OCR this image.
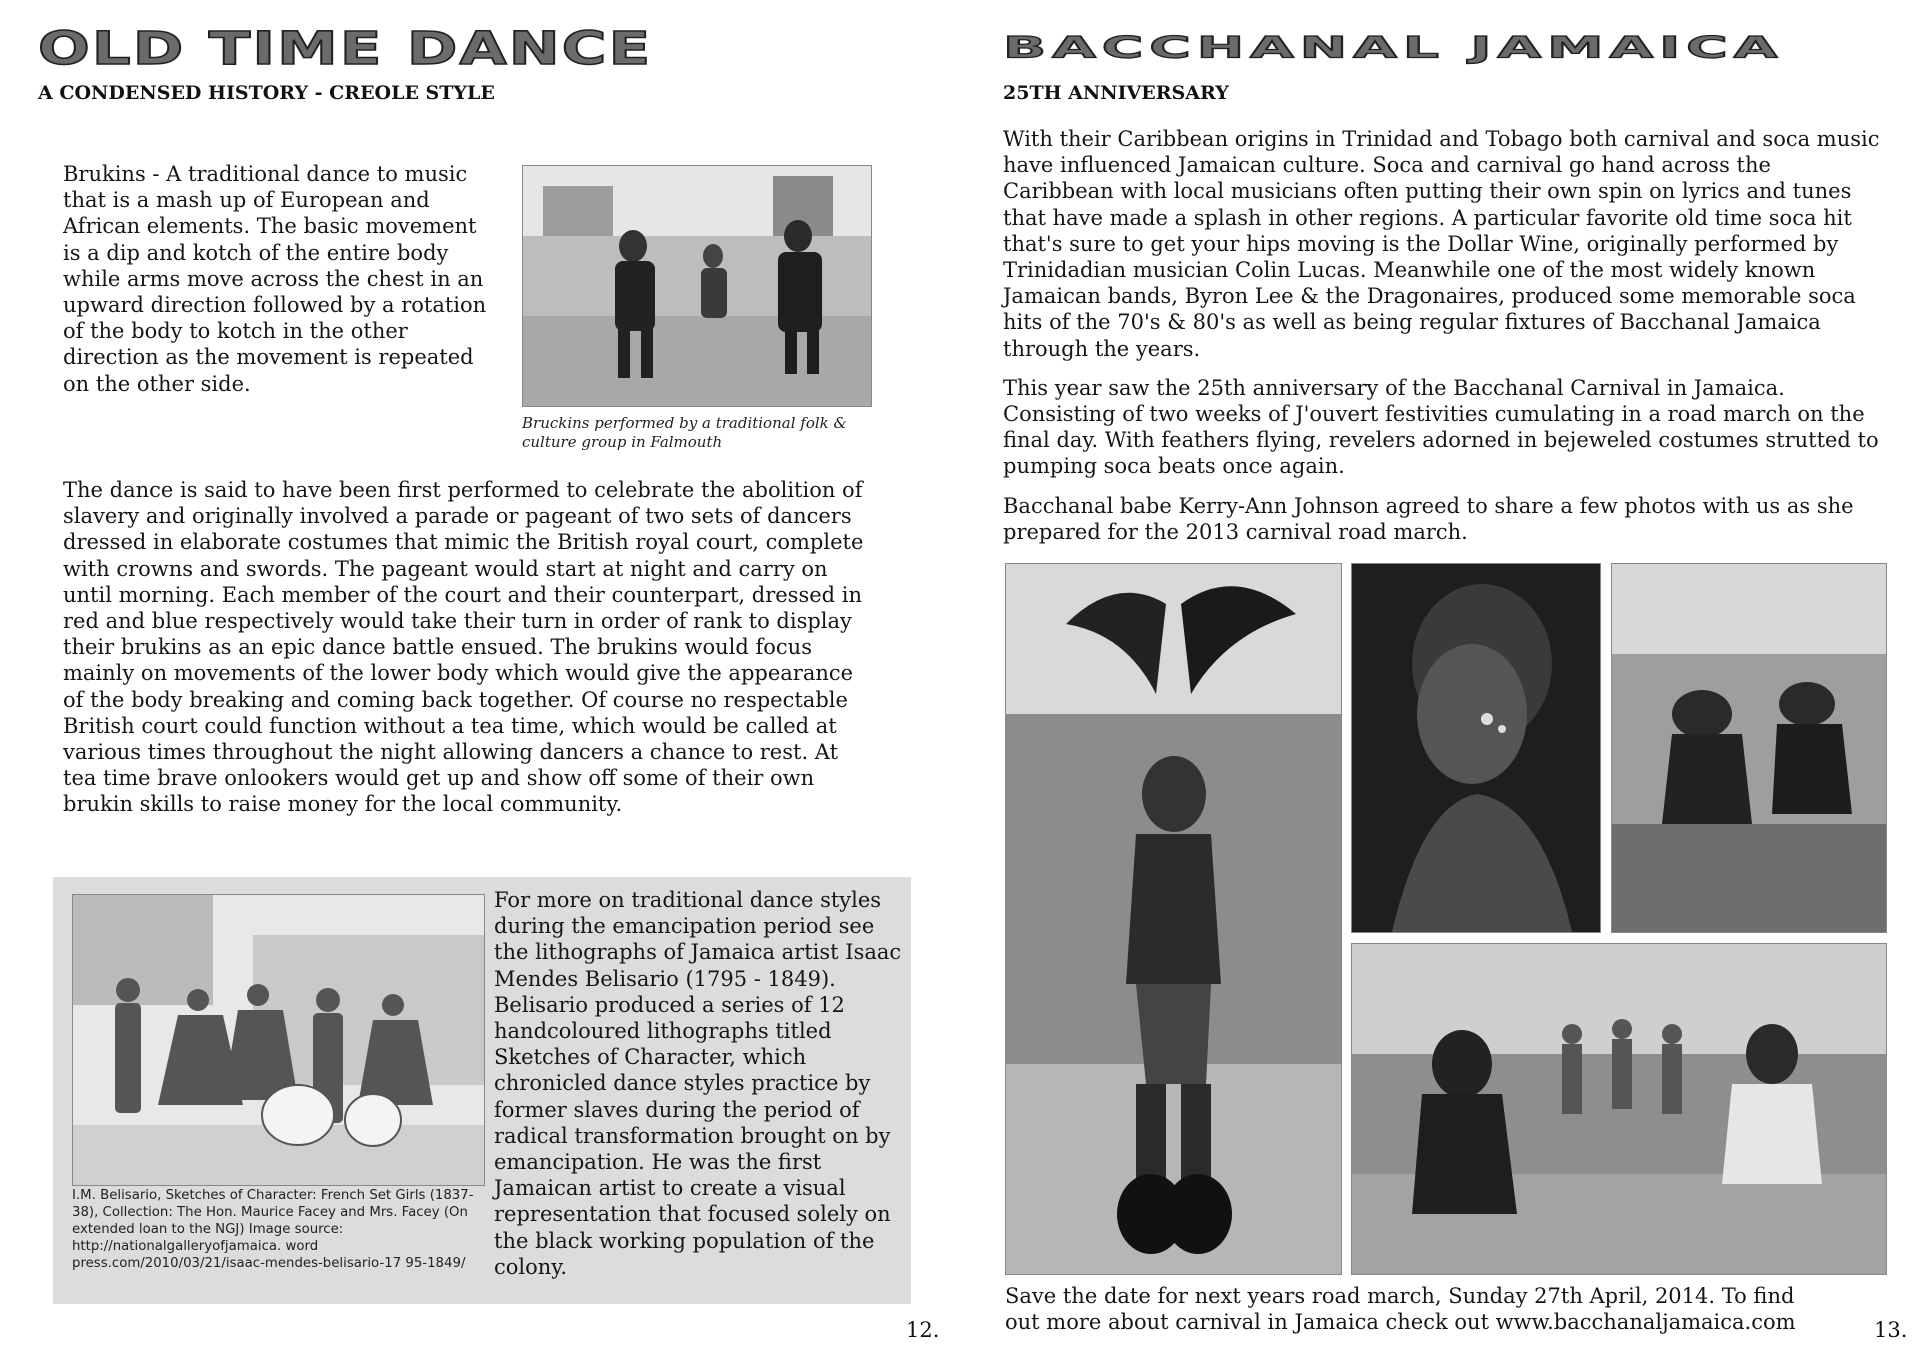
OLD TIME DANCE
A CONDENSED HISTORY - CREOLE STYLE
Brukins - A traditional dance to music that is a mash up of European and African elements. The basic movement is a dip and kotch of the entire body while arms move across the chest in an upward direction followed by a rotation of the body to kotch in the other direction as the movement is repeated on the other side.
Bruckins performed by a traditional folk & culture group in Falmouth
The dance is said to have been first performed to celebrate the abolition of slavery and originally involved a parade or pageant of two sets of dancers dressed in elaborate costumes that mimic the British royal court, complete with crowns and swords. The pageant would start at night and carry on until morning. Each member of the court and their counterpart, dressed in red and blue respectively would take their turn in order of rank to display their brukins as an epic dance battle ensued. The brukins would focus mainly on movements of the lower body which would give the appearance of the body breaking and coming back together. Of course no respectable British court could function without a tea time, which would be called at various times throughout the night allowing dancers a chance to rest. At tea time brave onlookers would get up and show off some of their own brukin skills to raise money for the local community.
I.M. Belisario, Sketches of Character: French Set Girls (1837-38), Collection: The Hon. Maurice Facey and Mrs. Facey (On extended loan to the NGJ) Image source: http://nationalgalleryofjamaica. word press.com/2010/03/21/isaac-mendes-belisario-17 95-1849/
For more on traditional dance styles during the emancipation period see the lithographs of Jamaica artist Isaac Mendes Belisario (1795 - 1849). Belisario produced a series of 12 handcoloured lithographs titled Sketches of Character, which chronicled dance styles practice by former slaves during the period of radical transformation brought on by emancipation. He was the first Jamaican artist to create a visual representation that focused solely on the black working population of the colony.
12.
BACCHANAL JAMAICA
25TH ANNIVERSARY

With their Caribbean origins in Trinidad and Tobago both carnival and soca music have influenced Jamaican culture. Soca and carnival go hand across the Caribbean with local musicians often putting their own spin on lyrics and tunes that have made a splash in other regions. A particular favorite old time soca hit that's sure to get your hips moving is the Dollar Wine, originally performed by Trinidadian musician Colin Lucas. Meanwhile one of the most widely known Jamaican bands, Byron Lee & the Dragonaires, produced some memorable soca hits of the 70's & 80's as well as being regular fixtures of Bacchanal Jamaica through the years.

This year saw the 25th anniversary of the Bacchanal Carnival in Jamaica. Consisting of two weeks of J'ouvert festivities cumulating in a road march on the final day. With feathers flying, revelers adorned in bejeweled costumes strutted to pumping soca beats once again.

Bacchanal babe Kerry-Ann Johnson agreed to share a few photos with us as she prepared for the 2013 carnival road march.

Save the date for next years road march, Sunday 27th April, 2014. To find out more about carnival in Jamaica check out www.bacchanaljamaica.com	13.
